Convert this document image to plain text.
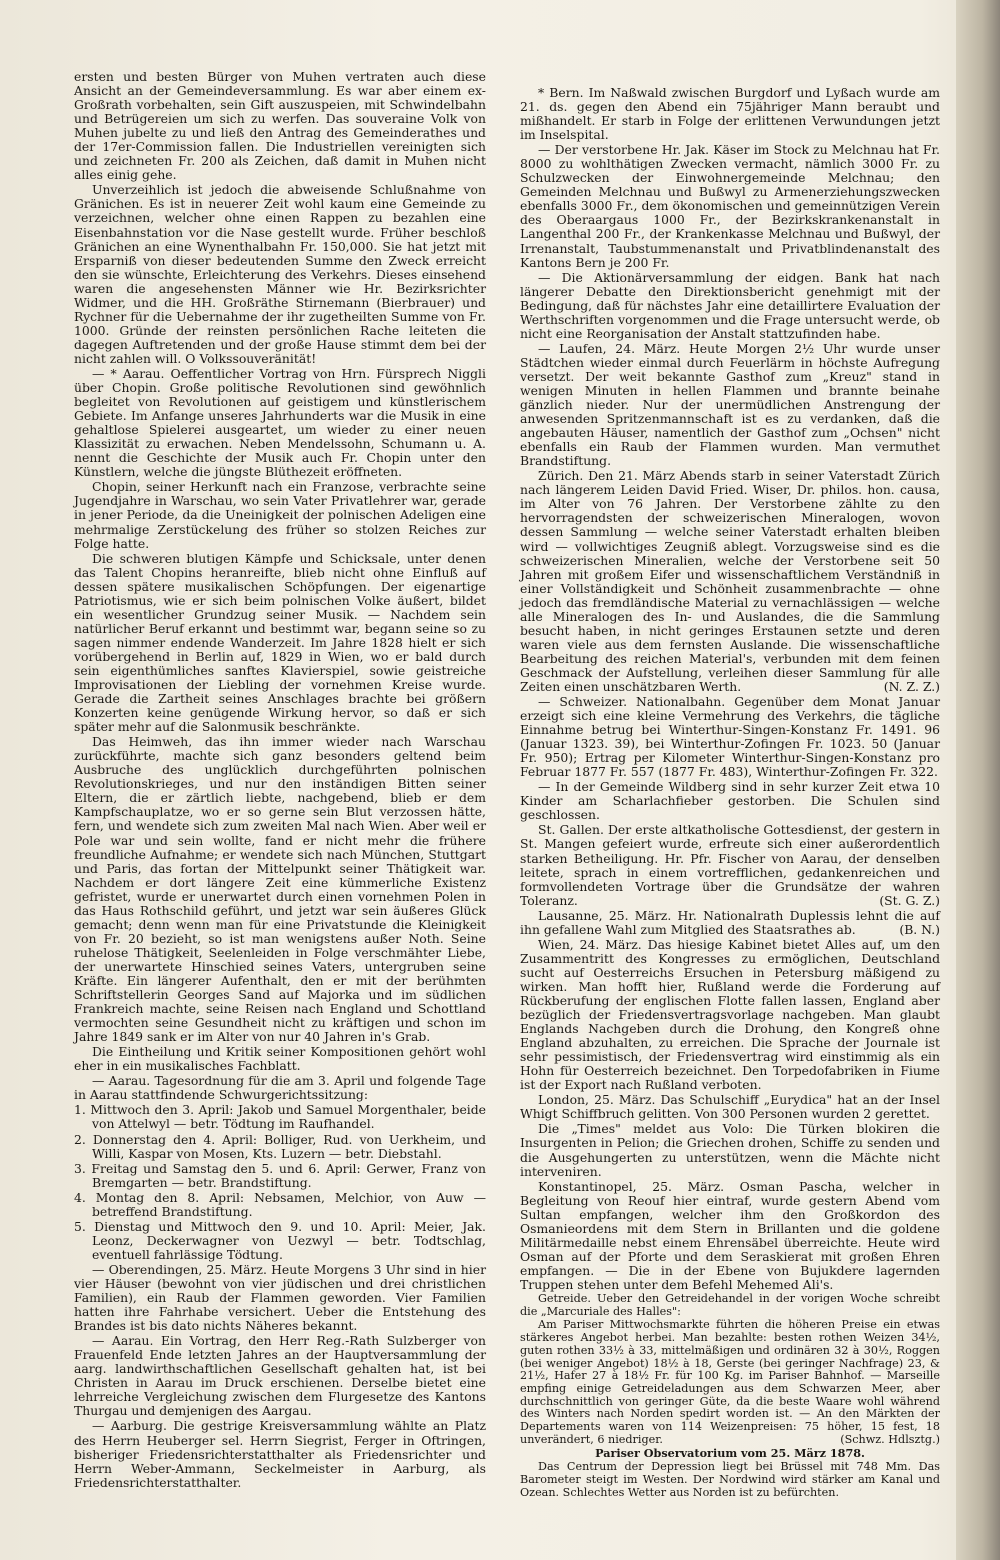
ersten und besten Bürger von Muhen vertraten auch diese Ansicht an der Gemeindeversammlung. Es war aber einem ex-Großrath vorbehalten, sein Gift auszuspeien, mit Schwindelbahn und Betrügereien um sich zu werfen. Das souveraine Volk von Muhen jubelte zu und ließ den Antrag des Gemeinderathes und der 17er-Commission fallen. Die Industriellen vereinigten sich und zeichneten Fr. 200 als Zeichen, daß damit in Muhen nicht alles einig gehe.

Unverzeihlich ist jedoch die abweisende Schlußnahme von Gränichen. Es ist in neuerer Zeit wohl kaum eine Gemeinde zu verzeichnen, welcher ohne einen Rappen zu bezahlen eine Eisenbahnstation vor die Nase gestellt wurde. Früher beschloß Gränichen an eine Wynenthalbahn Fr. 150,000. Sie hat jetzt mit Ersparniß von dieser bedeutenden Summe den Zweck erreicht den sie wünschte, Erleichterung des Verkehrs. Dieses einsehend waren die angesehensten Männer wie Hr. Bezirksrichter Widmer, und die HH. Großräthe Stirnemann (Bierbrauer) und Rychner für die Uebernahme der ihr zugetheilten Summe von Fr. 1000. Gründe der reinsten persönlichen Rache leiteten die dagegen Auftretenden und der große Hause stimmt dem bei der nicht zahlen will. O Volkssouveränität!

— * Aarau. Oeffentlicher Vortrag von Hrn. Fürsprech Niggli über Chopin. Große politische Revolutionen sind gewöhnlich begleitet von Revolutionen auf geistigem und künstlerischem Gebiete. Im Anfange unseres Jahrhunderts war die Musik in eine gehaltlose Spielerei ausgeartet, um wieder zu einer neuen Klassizität zu erwachen. Neben Mendelssohn, Schumann u. A. nennt die Geschichte der Musik auch Fr. Chopin unter den Künstlern, welche die jüngste Blüthezeit eröffneten.

Chopin, seiner Herkunft nach ein Franzose, verbrachte seine Jugendjahre in Warschau, wo sein Vater Privatlehrer war, gerade in jener Periode, da die Uneinigkeit der polnischen Adeligen eine mehrmalige Zerstückelung des früher so stolzen Reiches zur Folge hatte.

Die schweren blutigen Kämpfe und Schicksale, unter denen das Talent Chopins heranreifte, blieb nicht ohne Einfluß auf dessen spätere musikalischen Schöpfungen. Der eigenartige Patriotismus, wie er sich beim polnischen Volke äußert, bildet ein wesentlicher Grundzug seiner Musik. — Nachdem sein natürlicher Beruf erkannt und bestimmt war, begann seine so zu sagen nimmer endende Wanderzeit. Im Jahre 1828 hielt er sich vorübergehend in Berlin auf, 1829 in Wien, wo er bald durch sein eigenthümliches sanftes Klavierspiel, sowie geistreiche Improvisationen der Liebling der vornehmen Kreise wurde. Gerade die Zartheit seines Anschlages brachte bei größern Konzerten keine genügende Wirkung hervor, so daß er sich später mehr auf die Salonmusik beschränkte.

Das Heimweh, das ihn immer wieder nach Warschau zurückführte, machte sich ganz besonders geltend beim Ausbruche des unglücklich durchgeführten polnischen Revolutionskrieges, und nur den inständigen Bitten seiner Eltern, die er zärtlich liebte, nachgebend, blieb er dem Kampfschauplatze, wo er so gerne sein Blut verzossen hätte, fern, und wendete sich zum zweiten Mal nach Wien. Aber weil er Pole war und sein wollte, fand er nicht mehr die frühere freundliche Aufnahme; er wendete sich nach München, Stuttgart und Paris, das fortan der Mittelpunkt seiner Thätigkeit war. Nachdem er dort längere Zeit eine kümmerliche Existenz gefristet, wurde er unerwartet durch einen vornehmen Polen in das Haus Rothschild geführt, und jetzt war sein äußeres Glück gemacht; denn wenn man für eine Privatstunde die Kleinigkeit von Fr. 20 bezieht, so ist man wenigstens außer Noth. Seine ruhelose Thätigkeit, Seelenleiden in Folge verschmähter Liebe, der unerwartete Hinschied seines Vaters, untergruben seine Kräfte. Ein längerer Aufenthalt, den er mit der berühmten Schriftstellerin Georges Sand auf Majorka und im südlichen Frankreich machte, seine Reisen nach England und Schottland vermochten seine Gesundheit nicht zu kräftigen und schon im Jahre 1849 sank er im Alter von nur 40 Jahren in's Grab.

Die Eintheilung und Kritik seiner Kompositionen gehört wohl eher in ein musikalisches Fachblatt.

— Aarau. Tagesordnung für die am 3. April und folgende Tage in Aarau stattfindende Schwurgerichtssitzung:

1. Mittwoch den 3. April: Jakob und Samuel Morgenthaler, beide von Attelwyl — betr. Tödtung im Raufhandel.

2. Donnerstag den 4. April: Bolliger, Rud. von Uerkheim, und Willi, Kaspar von Mosen, Kts. Luzern — betr. Diebstahl.

3. Freitag und Samstag den 5. und 6. April: Gerwer, Franz von Bremgarten — betr. Brandstiftung.

4. Montag den 8. April: Nebsamen, Melchior, von Auw — betreffend Brandstiftung.

5. Dienstag und Mittwoch den 9. und 10. April: Meier, Jak. Leonz, Deckerwagner von Uezwyl — betr. Todtschlag, eventuell fahrlässige Tödtung.

— Oberendingen, 25. März. Heute Morgens 3 Uhr sind in hier vier Häuser (bewohnt von vier jüdischen und drei christlichen Familien), ein Raub der Flammen geworden. Vier Familien hatten ihre Fahrhabe versichert. Ueber die Entstehung des Brandes ist bis dato nichts Näheres bekannt.

— Aarau. Ein Vortrag, den Herr Reg.-Rath Sulzberger von Frauenfeld Ende letzten Jahres an der Hauptversammlung der aarg. landwirthschaftlichen Gesellschaft gehalten hat, ist bei Christen in Aarau im Druck erschienen. Derselbe bietet eine lehrreiche Vergleichung zwischen dem Flurgesetze des Kantons Thurgau und demjenigen des Aargau.

— Aarburg. Die gestrige Kreisversammlung wählte an Platz des Herrn Heuberger sel. Herrn Siegrist, Ferger in Oftringen, bisheriger Friedensrichterstatthalter als Friedensrichter und Herrn Weber-Ammann, Seckelmeister in Aarburg, als Friedensrichterstatthalter.

* Bern. Im Naßwald zwischen Burgdorf und Lyßach wurde am 21. ds. gegen den Abend ein 75jähriger Mann beraubt und mißhandelt. Er starb in Folge der erlittenen Verwundungen jetzt im Inselspital.

— Der verstorbene Hr. Jak. Käser im Stock zu Melchnau hat Fr. 8000 zu wohlthätigen Zwecken vermacht, nämlich 3000 Fr. zu Schulzwecken der Einwohnergemeinde Melchnau; den Gemeinden Melchnau und Bußwyl zu Armenerziehungszwecken ebenfalls 3000 Fr., dem ökonomischen und gemeinnützigen Verein des Oberaargaus 1000 Fr., der Bezirkskrankenanstalt in Langenthal 200 Fr., der Krankenkasse Melchnau und Bußwyl, der Irrenanstalt, Taubstummenanstalt und Privatblindenanstalt des Kantons Bern je 200 Fr.

— Die Aktionärversammlung der eidgen. Bank hat nach längerer Debatte den Direktionsbericht genehmigt mit der Bedingung, daß für nächstes Jahr eine detaillirtere Evaluation der Werthschriften vorgenommen und die Frage untersucht werde, ob nicht eine Reorganisation der Anstalt stattzufinden habe.

— Laufen, 24. März. Heute Morgen 2½ Uhr wurde unser Städtchen wieder einmal durch Feuerlärm in höchste Aufregung versetzt. Der weit bekannte Gasthof zum „Kreuz" stand in wenigen Minuten in hellen Flammen und brannte beinahe gänzlich nieder. Nur der unermüdlichen Anstrengung der anwesenden Spritzenmannschaft ist es zu verdanken, daß die angebauten Häuser, namentlich der Gasthof zum „Ochsen" nicht ebenfalls ein Raub der Flammen wurden. Man vermuthet Brandstiftung.

Zürich. Den 21. März Abends starb in seiner Vaterstadt Zürich nach längerem Leiden David Fried. Wiser, Dr. philos. hon. causa, im Alter von 76 Jahren. Der Verstorbene zählte zu den hervorragendsten der schweizerischen Mineralogen, wovon dessen Sammlung — welche seiner Vaterstadt erhalten bleiben wird — vollwichtiges Zeugniß ablegt. Vorzugsweise sind es die schweizerischen Mineralien, welche der Verstorbene seit 50 Jahren mit großem Eifer und wissenschaftlichem Verständniß in einer Vollständigkeit und Schönheit zusammenbrachte — ohne jedoch das fremdländische Material zu vernachlässigen — welche alle Mineralogen des In- und Auslandes, die die Sammlung besucht haben, in nicht geringes Erstaunen setzte und deren waren viele aus dem fernsten Auslande. Die wissenschaftliche Bearbeitung des reichen Material's, verbunden mit dem feinen Geschmack der Aufstellung, verleihen dieser Sammlung für alle Zeiten einen unschätzbaren Werth.	(N. Z. Z.)

— Schweizer. Nationalbahn. Gegenüber dem Monat Januar erzeigt sich eine kleine Vermehrung des Verkehrs, die tägliche Einnahme betrug bei Winterthur-Singen-Konstanz Fr. 1491. 96 (Januar 1323. 39), bei Winterthur-Zofingen Fr. 1023. 50 (Januar Fr. 950); Ertrag per Kilometer Winterthur-Singen-Konstanz pro Februar 1877 Fr. 557 (1877 Fr. 483), Winterthur-Zofingen Fr. 322.

— In der Gemeinde Wildberg sind in sehr kurzer Zeit etwa 10 Kinder am Scharlachfieber gestorben. Die Schulen sind geschlossen.

St. Gallen. Der erste altkatholische Gottesdienst, der gestern in St. Mangen gefeiert wurde, erfreute sich einer außerordentlich starken Betheiligung. Hr. Pfr. Fischer von Aarau, der denselben leitete, sprach in einem vortrefflichen, gedankenreichen und formvollendeten Vortrage über die Grundsätze der wahren Toleranz.	(St. G. Z.)

Lausanne, 25. März. Hr. Nationalrath Duplessis lehnt die auf ihn gefallene Wahl zum Mitglied des Staatsrathes ab.	(B. N.)

Wien, 24. März. Das hiesige Kabinet bietet Alles auf, um den Zusammentritt des Kongresses zu ermöglichen, Deutschland sucht auf Oesterreichs Ersuchen in Petersburg mäßigend zu wirken. Man hofft hier, Rußland werde die Forderung auf Rückberufung der englischen Flotte fallen lassen, England aber bezüglich der Friedensvertragsvorlage nachgeben. Man glaubt Englands Nachgeben durch die Drohung, den Kongreß ohne England abzuhalten, zu erreichen. Die Sprache der Journale ist sehr pessimistisch, der Friedensvertrag wird einstimmig als ein Hohn für Oesterreich bezeichnet. Den Torpedofabriken in Fiume ist der Export nach Rußland verboten.

London, 25. März. Das Schulschiff „Eurydica" hat an der Insel Whigt Schiffbruch gelitten. Von 300 Personen wurden 2 gerettet.

Die „Times" meldet aus Volo: Die Türken blokiren die Insurgenten in Pelion; die Griechen drohen, Schiffe zu senden und die Ausgehungerten zu unterstützen, wenn die Mächte nicht interveniren.

Konstantinopel, 25. März. Osman Pascha, welcher in Begleitung von Reouf hier eintraf, wurde gestern Abend vom Sultan empfangen, welcher ihm den Großkordon des Osmanieordens mit dem Stern in Brillanten und die goldene Militärmedaille nebst einem Ehrensäbel überreichte. Heute wird Osman auf der Pforte und dem Seraskierat mit großen Ehren empfangen. — Die in der Ebene von Bujukdere lagernden Truppen stehen unter dem Befehl Mehemed Ali's.

Getreide. Ueber den Getreidehandel in der vorigen Woche schreibt die „Marcuriale des Halles":

Am Pariser Mittwochsmarkte führten die höheren Preise ein etwas stärkeres Angebot herbei. Man bezahlte: besten rothen Weizen 34½, guten rothen 33½ à 33, mittelmäßigen und ordinären 32 à 30½, Roggen (bei weniger Angebot) 18½ à 18, Gerste (bei geringer Nachfrage) 23, & 21½, Hafer 27 à 18½ Fr. für 100 Kg. im Pariser Bahnhof. — Marseille empfing einige Getreideladungen aus dem Schwarzen Meer, aber durchschnittlich von geringer Güte, da die beste Waare wohl während des Winters nach Norden spedirt worden ist. — An den Märkten der Departements waren von 114 Weizenpreisen: 75 höher, 15 fest, 18 unverändert, 6 niedriger.	(Schwz. Hdlsztg.)

Pariser Observatorium vom 25. März 1878.

Das Centrum der Depression liegt bei Brüssel mit 748 Mm. Das Barometer steigt im Westen. Der Nordwind wird stärker am Kanal und Ozean. Schlechtes Wetter aus Norden ist zu befürchten.
